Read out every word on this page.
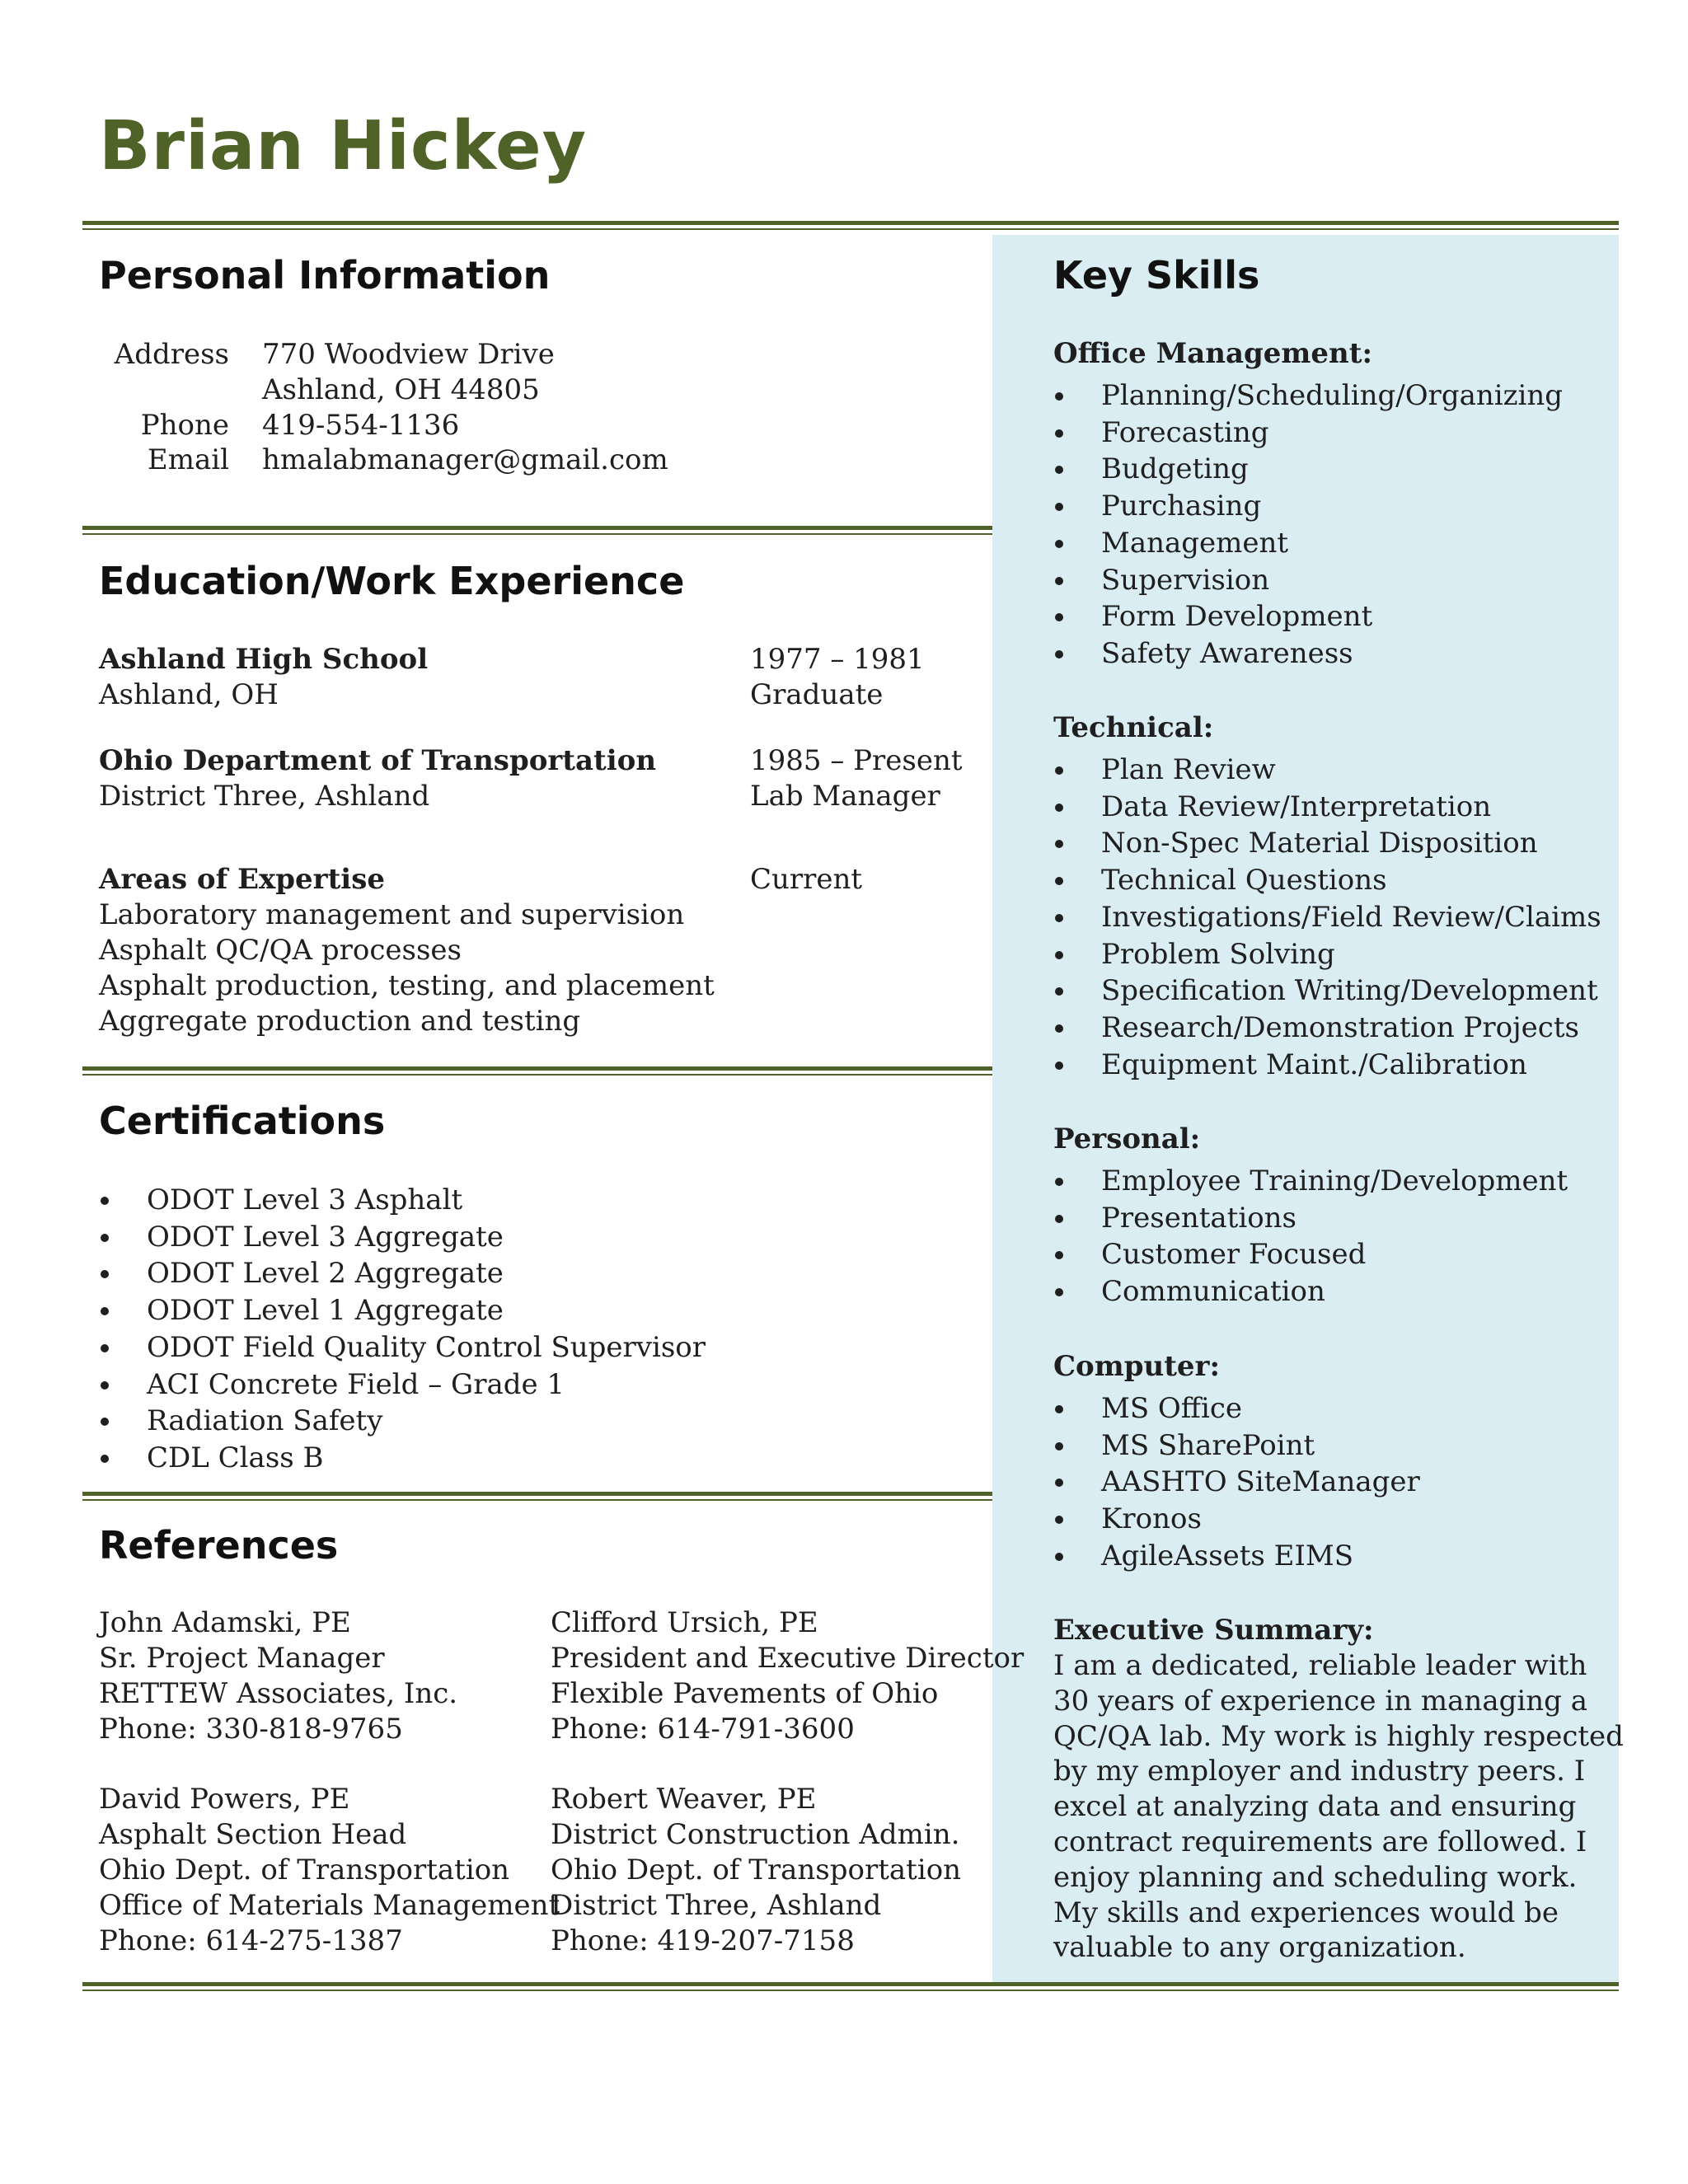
Brian Hickey
Personal Information
Address 770 Woodview Drive
Ashland, OH 44805
Phone 419-554-1136
Email hmalabmanager@gmail.com
Education/Work Experience
Ashland High School
Ashland, OH
1977 – 1981
Graduate
Ohio Department of Transportation
District Three, Ashland
1985 – Present
Lab Manager
Areas of Expertise	Current
Laboratory management and supervision
Asphalt QC/QA processes
Asphalt production, testing, and placement
Aggregate production and testing
Certifications
ODOT Level 3 Asphalt
ODOT Level 3 Aggregate
ODOT Level 2 Aggregate
ODOT Level 1 Aggregate
ODOT Field Quality Control Supervisor
ACI Concrete Field – Grade 1
Radiation Safety
CDL Class B
References
John Adamski, PE
Sr. Project Manager
RETTEW Associates, Inc.
Phone: 330-818-9765
Clifford Ursich, PE
President and Executive Director
Flexible Pavements of Ohio
Phone: 614-791-3600
David Powers, PE
Asphalt Section Head
Ohio Dept. of Transportation
Office of Materials Management
Phone: 614-275-1387
Robert Weaver, PE
District Construction Admin.
Ohio Dept. of Transportation
District Three, Ashland
Phone: 419-207-7158
Key Skills
Office Management:
Planning/Scheduling/Organizing
Forecasting
Budgeting
Purchasing
Management
Supervision
Form Development
Safety Awareness
Technical:
Plan Review
Data Review/Interpretation
Non-Spec Material Disposition
Technical Questions
Investigations/Field Review/Claims
Problem Solving
Specification Writing/Development
Research/Demonstration Projects
Equipment Maint./Calibration
Personal:
Employee Training/Development
Presentations
Customer Focused
Communication
Computer:
MS Office
MS SharePoint
AASHTO SiteManager
Kronos
AgileAssets EIMS
Executive Summary:
I am a dedicated, reliable leader with
30 years of experience in managing a
QC/QA lab. My work is highly respected
by my employer and industry peers. I
excel at analyzing data and ensuring
contract requirements are followed. I
enjoy planning and scheduling work.
My skills and experiences would be
valuable to any organization.
